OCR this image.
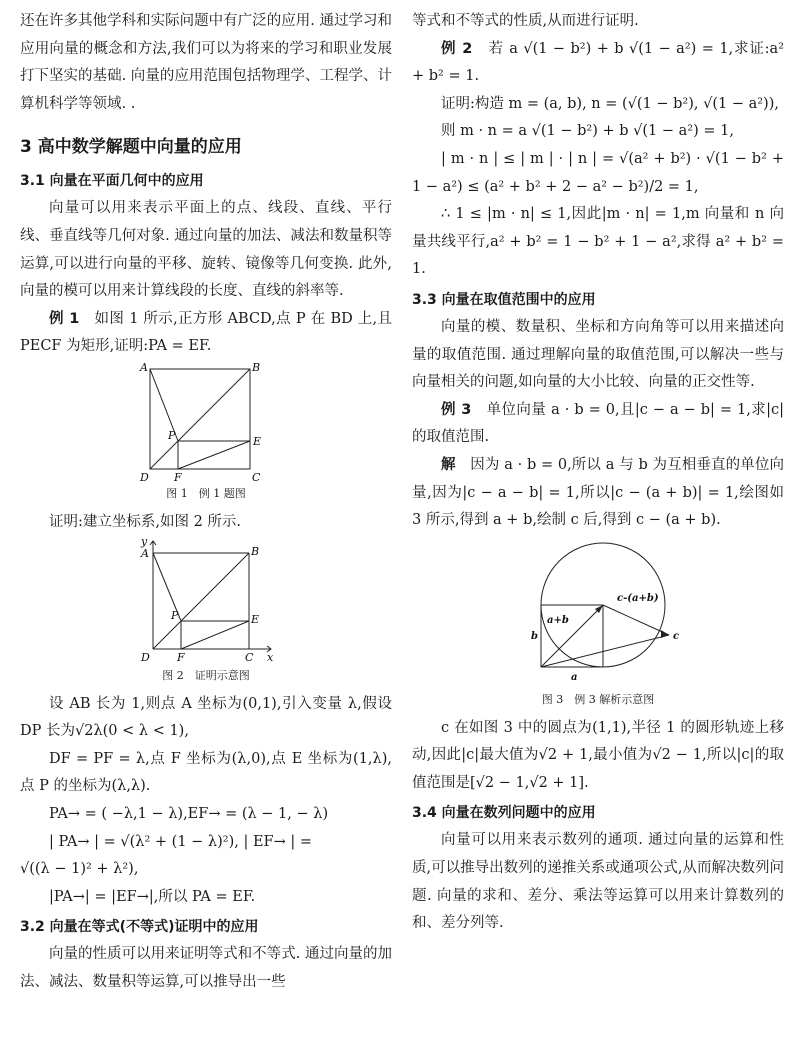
还在许多其他学科和实际问题中有广泛的应用. 通过学习和应用向量的概念和方法,我们可以为将来的学习和职业发展打下坚实的基础. 向量的应用范围包括物理学、工程学、计算机科学等领域. .

3 高中数学解题中向量的应用
3.1 向量在平面几何中的应用

向量可以用来表示平面上的点、线段、直线、平行线、垂直线等几何对象. 通过向量的加法、减法和数量积等运算,可以进行向量的平移、旋转、镜像等几何变换. 此外,向量的模可以用来计算线段的长度、直线的斜率等.

例 1　 如图 1 所示,正方形 ABCD,点 P 在 BD 上,且 PECF 为矩形,证明:PA = EF.

A	B
C
D
P	E
F
图 1　例 1 题图

证明:建立坐标系,如图 2 所示.

y
A	B
P	E
D F	C x
图 2　证明示意图

设 AB 长为 1,则点 A 坐标为(0,1),引入变量 λ,假设 DP 长为√2λ(0 < λ < 1),

DF = PF = λ,点 F 坐标为(λ,0),点 E 坐标为(1,λ),点 P 的坐标为(λ,λ).

PA→ = ( −λ,1 − λ),EF→ = (λ − 1, − λ)

| PA→ | = √(λ² + (1 − λ)²), | EF→ | =

√((λ − 1)² + λ²),

|PA→| = |EF→|,所以 PA = EF.

3.2 向量在等式(不等式)证明中的应用

向量的性质可以用来证明等式和不等式. 通过向量的加法、减法、数量积等运算,可以推导出一些

等式和不等式的性质,从而进行证明.

例 2　 若 a √(1 − b²) + b √(1 − a²) = 1,求证:a² + b² = 1.

证明:构造 m = (a, b), n = (√(1 − b²), √(1 − a²)),

则 m · n = a √(1 − b²) + b √(1 − a²) = 1,

| m · n | ≤ | m | · | n | = √(a² + b²) · √(1 − b² + 1 − a²) ≤ (a² + b² + 2 − a² − b²)/2 = 1,

∴ 1 ≤ |m · n| ≤ 1,因此|m · n| = 1,m 向量和 n 向量共线平行,a² + b² = 1 − b² + 1 − a²,求得 a² + b² = 1.

3.3 向量在取值范围中的应用

向量的模、数量积、坐标和方向角等可以用来描述向量的取值范围. 通过理解向量的取值范围,可以解决一些与向量相关的问题,如向量的大小比较、向量的正交性等.

例 3　 单位向量 a · b = 0,且|c − a − b| = 1,求|c|的取值范围.

解　 因为 a · b = 0,所以 a 与 b 为互相垂直的单位向量,因为|c − a − b| = 1,所以|c − (a + b)| = 1,绘图如 3 所示,得到 a + b,绘制 c 后,得到 c − (a + b).

b
a
a+b
c-(a+b)
c
图 3　例 3 解析示意图

c 在如图 3 中的圆点为(1,1),半径 1 的圆形轨迹上移动,因此|c|最大值为√2 + 1,最小值为√2 − 1,所以|c|的取值范围是[√2 − 1,√2 + 1].

3.4 向量在数列问题中的应用

向量可以用来表示数列的通项. 通过向量的运算和性质,可以推导出数列的递推关系或通项公式,从而解决数列问题. 向量的求和、差分、乘法等运算可以用来计算数列的和、差分列等.
